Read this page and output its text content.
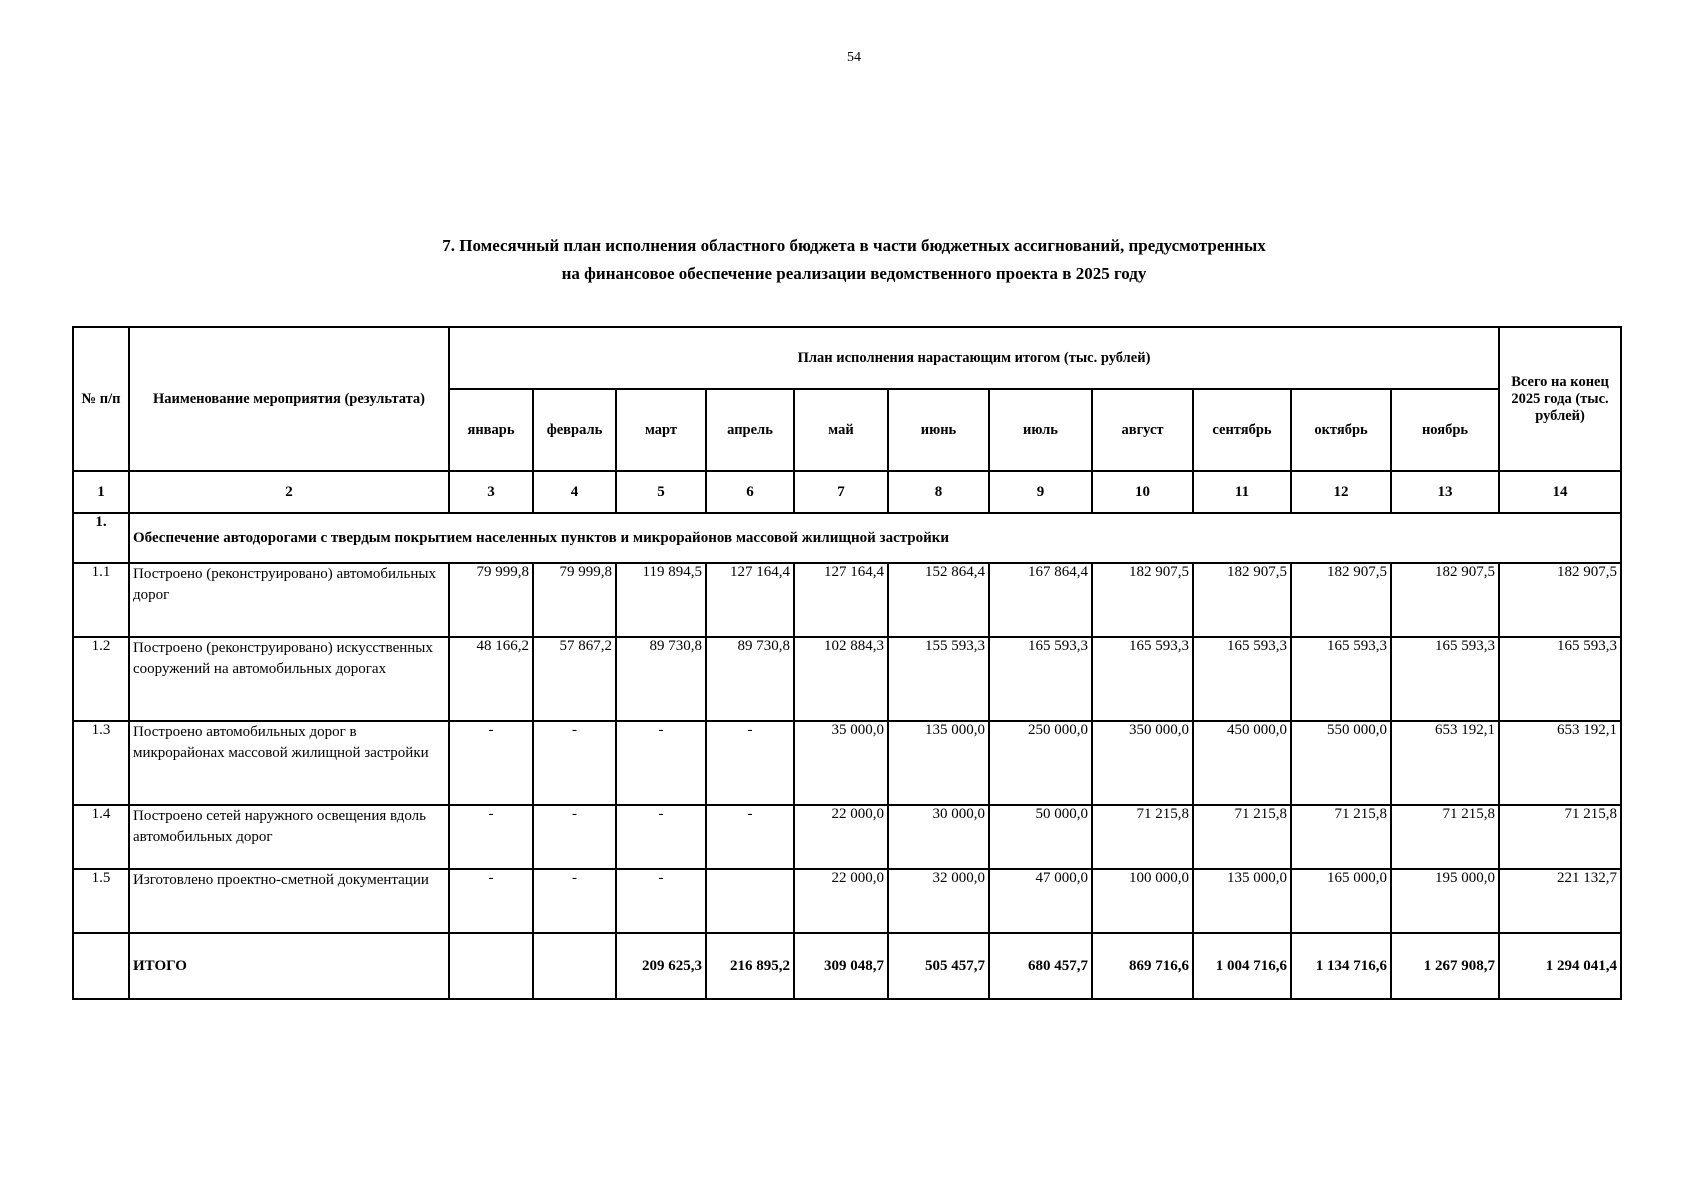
54
7. Помесячный план исполнения областного бюджета в части бюджетных ассигнований, предусмотренных
на финансовое обеспечение реализации ведомственного проекта в 2025 году
№ п/п	Наименование мероприятия (результата)	План исполнения нарастающим итогом (тыс. рублей)											Всего на конец 2025 года (тыс. рублей)
		январь	февраль	март	апрель	май	июнь	июль	август	сентябрь	октябрь	ноябрь	
1	2	3	4	5	6	7	8	9	10	11	12	13	14
1.	Обеспечение автодорогами с твердым покрытием населенных пунктов и микрорайонов массовой жилищной застройки												
1.1	Построено (реконструировано) автомобильных дорог	79 999,8	79 999,8	119 894,5	127 164,4	127 164,4	152 864,4	167 864,4	182 907,5	182 907,5	182 907,5	182 907,5	182 907,5
1.2	Построено (реконструировано) искусственных сооружений на автомобильных дорогах	48 166,2	57 867,2	89 730,8	89 730,8	102 884,3	155 593,3	165 593,3	165 593,3	165 593,3	165 593,3	165 593,3	165 593,3
1.3	Построено автомобильных дорог в микрорайонах массовой жилищной застройки	-	-	-	-	35 000,0	135 000,0	250 000,0	350 000,0	450 000,0	550 000,0	653 192,1	653 192,1
1.4	Построено сетей наружного освещения вдоль автомобильных дорог	-	-	-	-	22 000,0	30 000,0	50 000,0	71 215,8	71 215,8	71 215,8	71 215,8	71 215,8
1.5	Изготовлено проектно-сметной документации	-	-	-		22 000,0	32 000,0	47 000,0	100 000,0	135 000,0	165 000,0	195 000,0	221 132,7
	ИТОГО			209 625,3	216 895,2	309 048,7	505 457,7	680 457,7	869 716,6	1 004 716,6	1 134 716,6	1 267 908,7	1 294 041,4
